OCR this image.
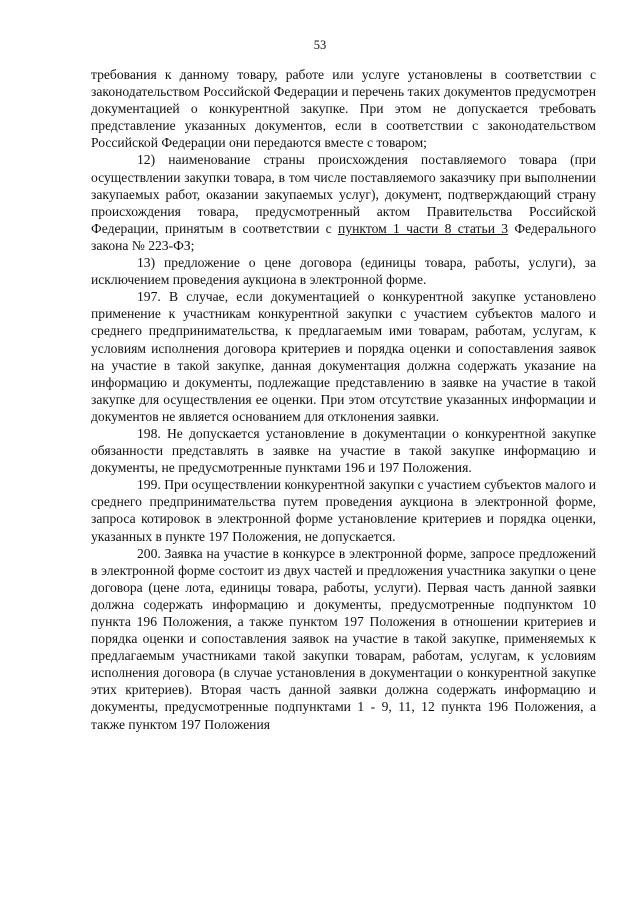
53

требования к данному товару, работе или услуге установлены в соответствии с законодательством Российской Федерации и перечень таких документов предусмотрен документацией о конкурентной закупке. При этом не допускается требовать представление указанных документов, если в соответствии с законодательством Российской Федерации они передаются вместе с товаром;

12) наименование страны происхождения поставляемого товара (при осуществлении закупки товара, в том числе поставляемого заказчику при выполнении закупаемых работ, оказании закупаемых услуг), документ, подтверждающий страну происхождения товара, предусмотренный актом Правительства Российской Федерации, принятым в соответствии с пунктом 1 части 8 статьи 3 Федерального закона № 223-ФЗ;

13) предложение о цене договора (единицы товара, работы, услуги), за исключением проведения аукциона в электронной форме.

197. В случае, если документацией о конкурентной закупке установлено применение к участникам конкурентной закупки с участием субъектов малого и среднего предпринимательства, к предлагаемым ими товарам, работам, услугам, к условиям исполнения договора критериев и порядка оценки и сопоставления заявок на участие в такой закупке, данная документация должна содержать указание на информацию и документы, подлежащие представлению в заявке на участие в такой закупке для осуществления ее оценки. При этом отсутствие указанных информации и документов не является основанием для отклонения заявки.

198. Не допускается установление в документации о конкурентной закупке обязанности представлять в заявке на участие в такой закупке информацию и документы, не предусмотренные пунктами 196 и 197 Положения.

199. При осуществлении конкурентной закупки с участием субъектов малого и среднего предпринимательства путем проведения аукциона в электронной форме, запроса котировок в электронной форме установление критериев и порядка оценки, указанных в пункте 197 Положения, не допускается.

200. Заявка на участие в конкурсе в электронной форме, запросе предложений в электронной форме состоит из двух частей и предложения участника закупки о цене договора (цене лота, единицы товара, работы, услуги). Первая часть данной заявки должна содержать информацию и документы, предусмотренные подпунктом 10 пункта 196 Положения, а также пунктом 197 Положения в отношении критериев и порядка оценки и сопоставления заявок на участие в такой закупке, применяемых к предлагаемым участниками такой закупки товарам, работам, услугам, к условиям исполнения договора (в случае установления в документации о конкурентной закупке этих критериев). Вторая часть данной заявки должна содержать информацию и документы, предусмотренные подпунктами 1 - 9, 11, 12 пункта 196 Положения, а также пунктом 197 Положения
